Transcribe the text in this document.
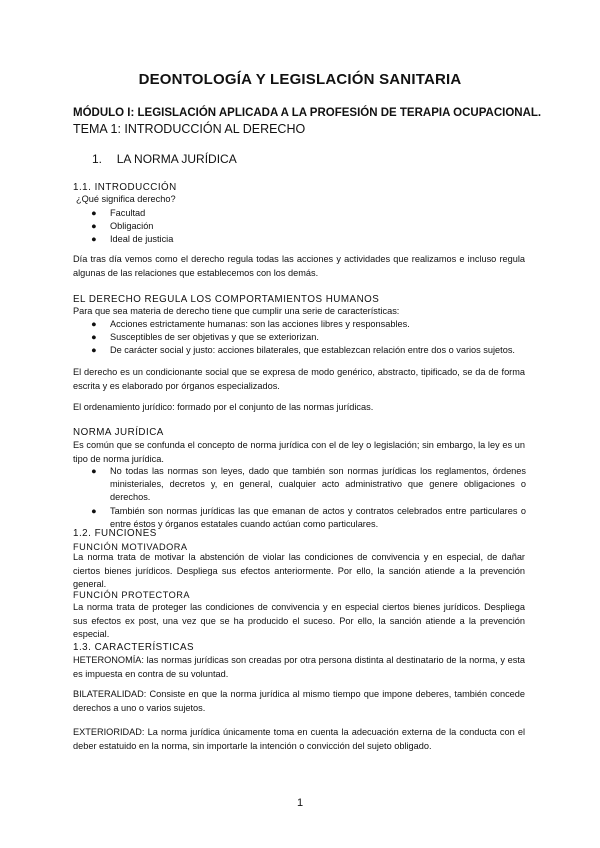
DEONTOLOGÍA Y LEGISLACIÓN SANITARIA
MÓDULO I: LEGISLACIÓN APLICADA A LA PROFESIÓN DE TERAPIA OCUPACIONAL.
TEMA 1: INTRODUCCIÓN AL DERECHO
1. LA NORMA JURÍDICA
1.1. INTRODUCCIÓN
¿Qué significa derecho?
● Facultad
● Obligación
● Ideal de justicia

Día tras día vemos como el derecho regula todas las acciones y actividades que realizamos e incluso regula algunas de las relaciones que establecemos con los demás.

EL DERECHO REGULA LOS COMPORTAMIENTOS HUMANOS
Para que sea materia de derecho tiene que cumplir una serie de características:
● Acciones estrictamente humanas: son las acciones libres y responsables.
● Susceptibles de ser objetivas y que se exteriorizan.
● De carácter social y justo: acciones bilaterales, que establezcan relación entre dos o varios sujetos.

El derecho es un condicionante social que se expresa de modo genérico, abstracto, tipificado, se da de forma escrita y es elaborado por órganos especializados.

El ordenamiento jurídico: formado por el conjunto de las normas jurídicas.

NORMA JURÍDICA

Es común que se confunda el concepto de norma jurídica con el de ley o legislación; sin embargo, la ley es un tipo de norma jurídica.

● No todas las normas son leyes, dado que también son normas jurídicas los reglamentos, órdenes ministeriales, decretos y, en general, cualquier acto administrativo que genere obligaciones o derechos.
● También son normas jurídicas las que emanan de actos y contratos celebrados entre particulares o entre éstos y órganos estatales cuando actúan como particulares.
1.2. FUNCIONES
FUNCIÓN MOTIVADORA

La norma trata de motivar la abstención de violar las condiciones de convivencia y en especial, de dañar ciertos bienes jurídicos. Despliega sus efectos anteriormente. Por ello, la sanción atiende a la prevención general.

FUNCIÓN PROTECTORA

La norma trata de proteger las condiciones de convivencia y en especial ciertos bienes jurídicos. Despliega sus efectos ex post, una vez que se ha producido el suceso. Por ello, la sanción atiende a la prevención especial.

1.3. CARACTERÍSTICAS

HETERONOMÍA: las normas jurídicas son creadas por otra persona distinta al destinatario de la norma, y esta es impuesta en contra de su voluntad.

BILATERALIDAD: Consiste en que la norma jurídica al mismo tiempo que impone deberes, también concede derechos a uno o varios sujetos.

EXTERIORIDAD: La norma jurídica únicamente toma en cuenta la adecuación externa de la conducta con el deber estatuido en la norma, sin importarle la intención o convicción del sujeto obligado.

1
